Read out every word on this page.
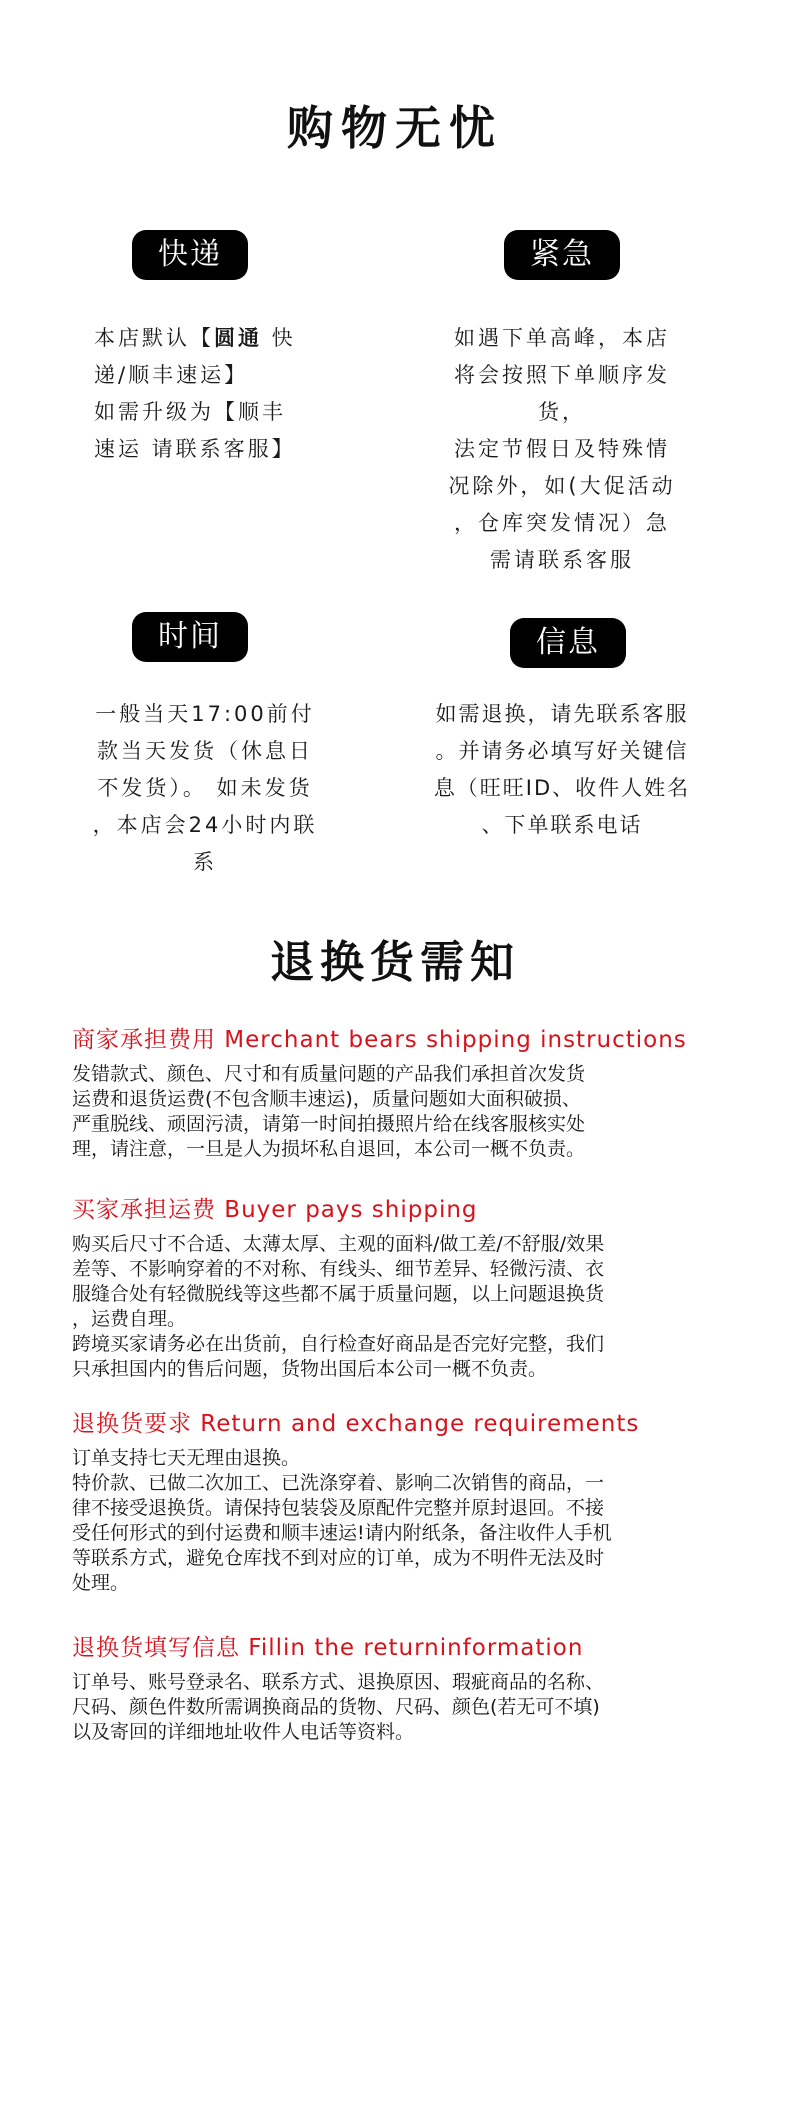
购物无忧
快递
本店默认【圆通 快
递/顺丰速运】
如需升级为【顺丰
速运 请联系客服】
紧急
如遇下单高峰，本店
将会按照下单顺序发
货，
法定节假日及特殊情
况除外，如(大促活动
，仓库突发情况）急
需请联系客服
时间
一般当天17:00前付
款当天发货（休息日
不发货）。 如未发货
，本店会24小时内联
系
信息
如需退换，请先联系客服
。并请务必填写好关键信
息（旺旺ID、收件人姓名
、下单联系电话
退换货需知
商家承担费用 Merchant bears shipping instructions
发错款式、颜色、尺寸和有质量问题的产品我们承担首次发货
运费和退货运费(不包含顺丰速运)，质量问题如大面积破损、
严重脱线、顽固污渍，请第一时间拍摄照片给在线客服核实处
理，请注意，一旦是人为损坏私自退回，本公司一概不负责。
买家承担运费 Buyer pays shipping
购买后尺寸不合适、太薄太厚、主观的面料/做工差/不舒服/效果
差等、不影响穿着的不对称、有线头、细节差异、轻微污渍、衣
服缝合处有轻微脱线等这些都不属于质量问题，以上问题退换货
，运费自理。
跨境买家请务必在出货前，自行检查好商品是否完好完整，我们
只承担国内的售后问题，货物出国后本公司一概不负责。
退换货要求 Return and exchange requirements
订单支持七天无理由退换。
特价款、已做二次加工、已洗涤穿着、影响二次销售的商品，一
律不接受退换货。请保持包装袋及原配件完整并原封退回。不接
受任何形式的到付运费和顺丰速运!请内附纸条，备注收件人手机
等联系方式，避免仓库找不到对应的订单，成为不明件无法及时
处理。
退换货填写信息 Fillin the returninformation
订单号、账号登录名、联系方式、退换原因、瑕疵商品的名称、
尺码、颜色件数所需调换商品的货物、尺码、颜色(若无可不填)
以及寄回的详细地址收件人电话等资料。
